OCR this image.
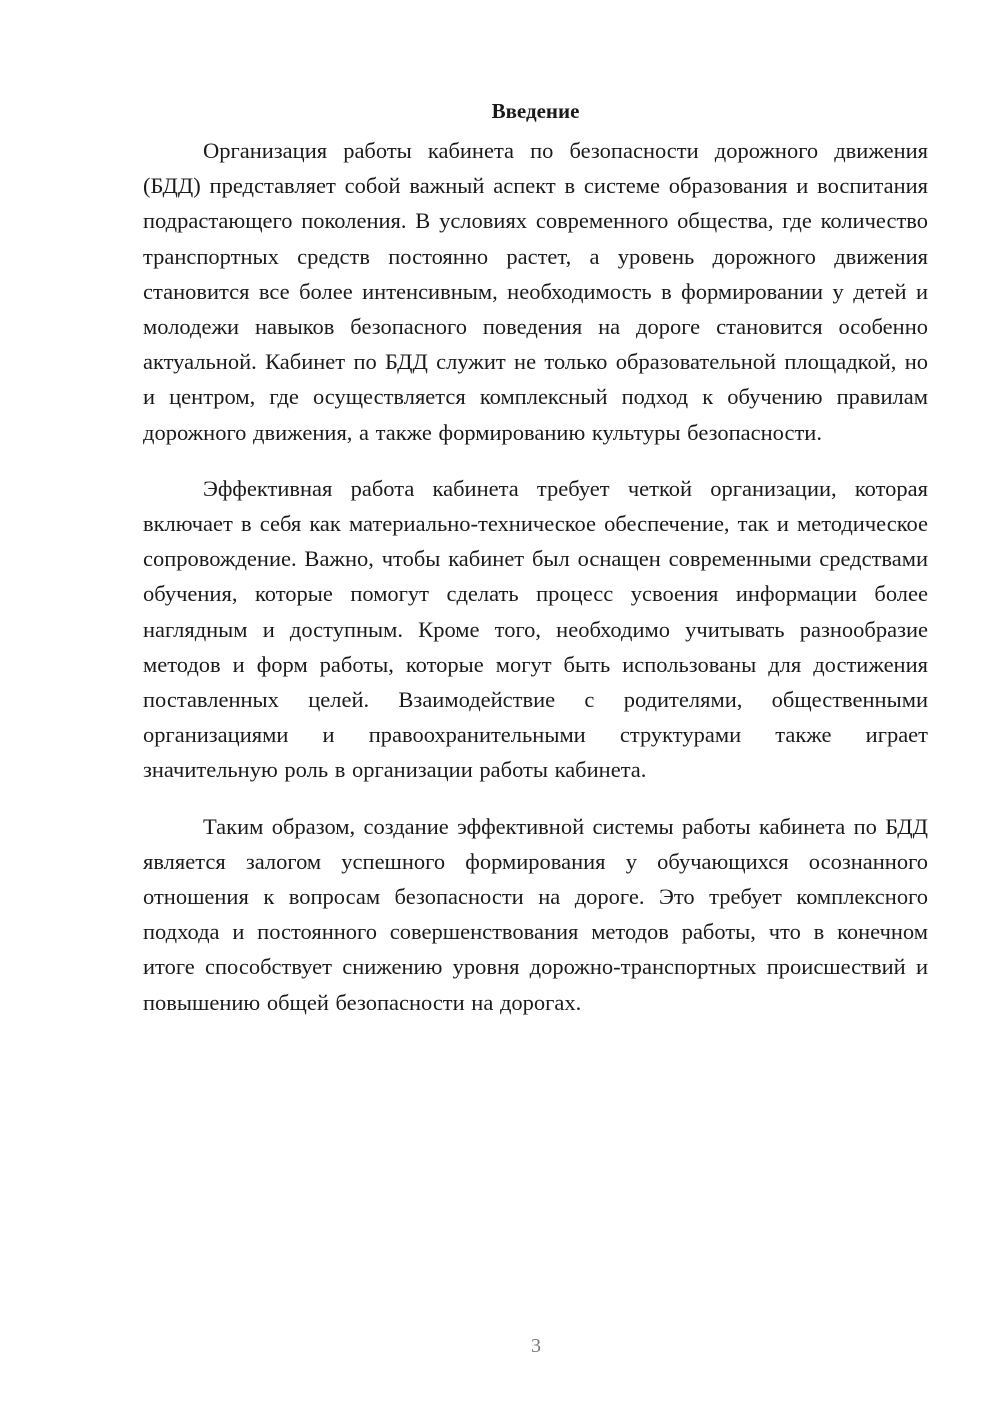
Введение

Организация работы кабинета по безопасности дорожного движения (БДД) представляет собой важный аспект в системе образования и воспитания подрастающего поколения. В условиях современного общества, где количество транспортных средств постоянно растет, а уровень дорожного движения становится все более интенсивным, необходимость в формировании у детей и молодежи навыков безопасного поведения на дороге становится особенно актуальной. Кабинет по БДД служит не только образовательной площадкой, но и центром, где осуществляется комплексный подход к обучению правилам дорожного движения, а также формированию культуры безопасности.

Эффективная работа кабинета требует четкой организации, которая включает в себя как материально-техническое обеспечение, так и методическое сопровождение. Важно, чтобы кабинет был оснащен современными средствами обучения, которые помогут сделать процесс усвоения информации более наглядным и доступным. Кроме того, необходимо учитывать разнообразие методов и форм работы, которые могут быть использованы для достижения поставленных целей. Взаимодействие с родителями, общественными организациями и правоохранительными структурами также играет значительную роль в организации работы кабинета.

Таким образом, создание эффективной системы работы кабинета по БДД является залогом успешного формирования у обучающихся осознанного отношения к вопросам безопасности на дороге. Это требует комплексного подхода и постоянного совершенствования методов работы, что в конечном итоге способствует снижению уровня дорожно-транспортных происшествий и повышению общей безопасности на дорогах.

3
